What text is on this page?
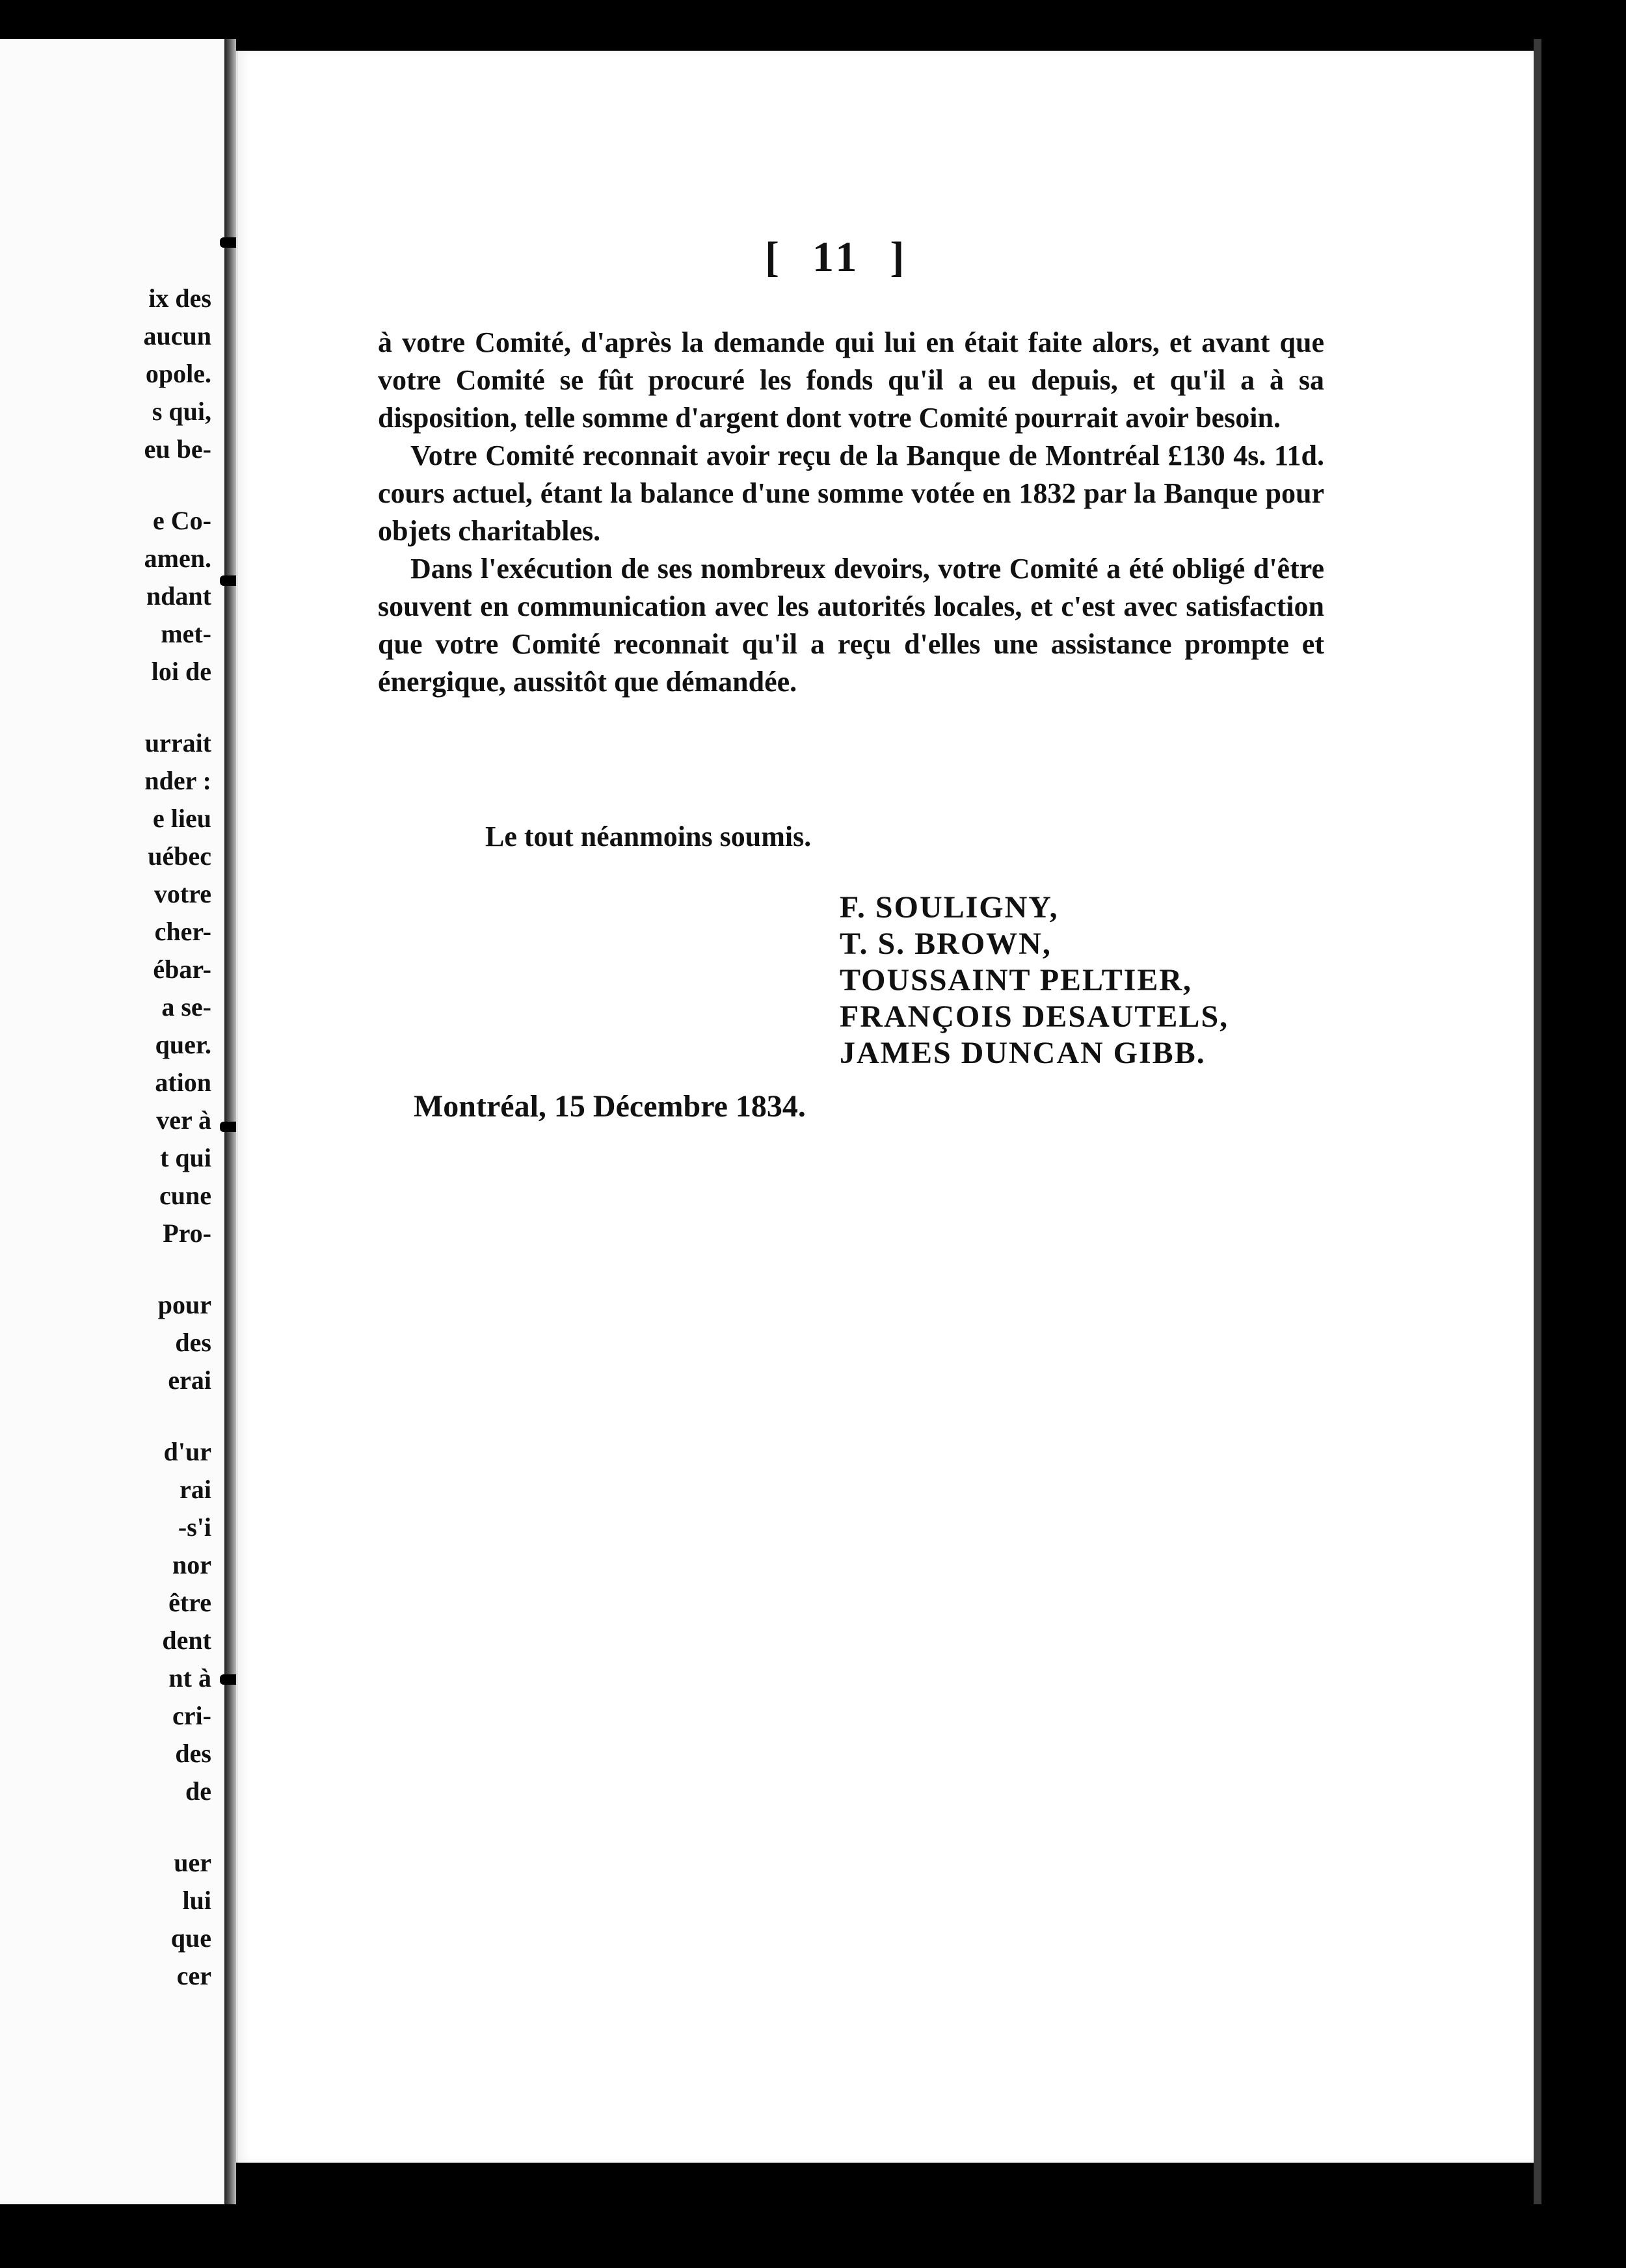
ix des
aucun
opole.
s qui,
eu be-
e Co-
amen.
ndant
met-
loi de
urrait
nder :
e lieu
uébec
votre
cher-
ébar-
a se-
quer.
ation
ver à
t qui
cune
Pro-
pour
des
erai
d'ur
rai
-s'i
nor
être
dent
nt à
cri-
des
de
uer
lui
que
cer
[  11  ]

à votre Comité, d'après la demande qui lui en était faite alors, et avant que votre Comité se fût procuré les fonds qu'il a eu depuis, et qu'il a à sa disposition, telle somme d'argent dont votre Comité pourrait avoir besoin.

Votre Comité reconnait avoir reçu de la Banque de Montréal £130 4s. 11d. cours actuel, étant la balance d'une somme votée en 1832 par la Banque pour objets charitables.

Dans l'exécution de ses nombreux devoirs, votre Comité a été obligé d'être souvent en communication avec les autorités locales, et c'est avec satisfaction que votre Comité reconnait qu'il a reçu d'elles une assistance prompte et énergique, aussitôt que démandée.

Le tout néanmoins soumis.
F. SOULIGNY,
T. S. BROWN,
TOUSSAINT PELTIER,
FRANÇOIS DESAUTELS,
JAMES DUNCAN GIBB.
Montréal, 15 Décembre 1834.
